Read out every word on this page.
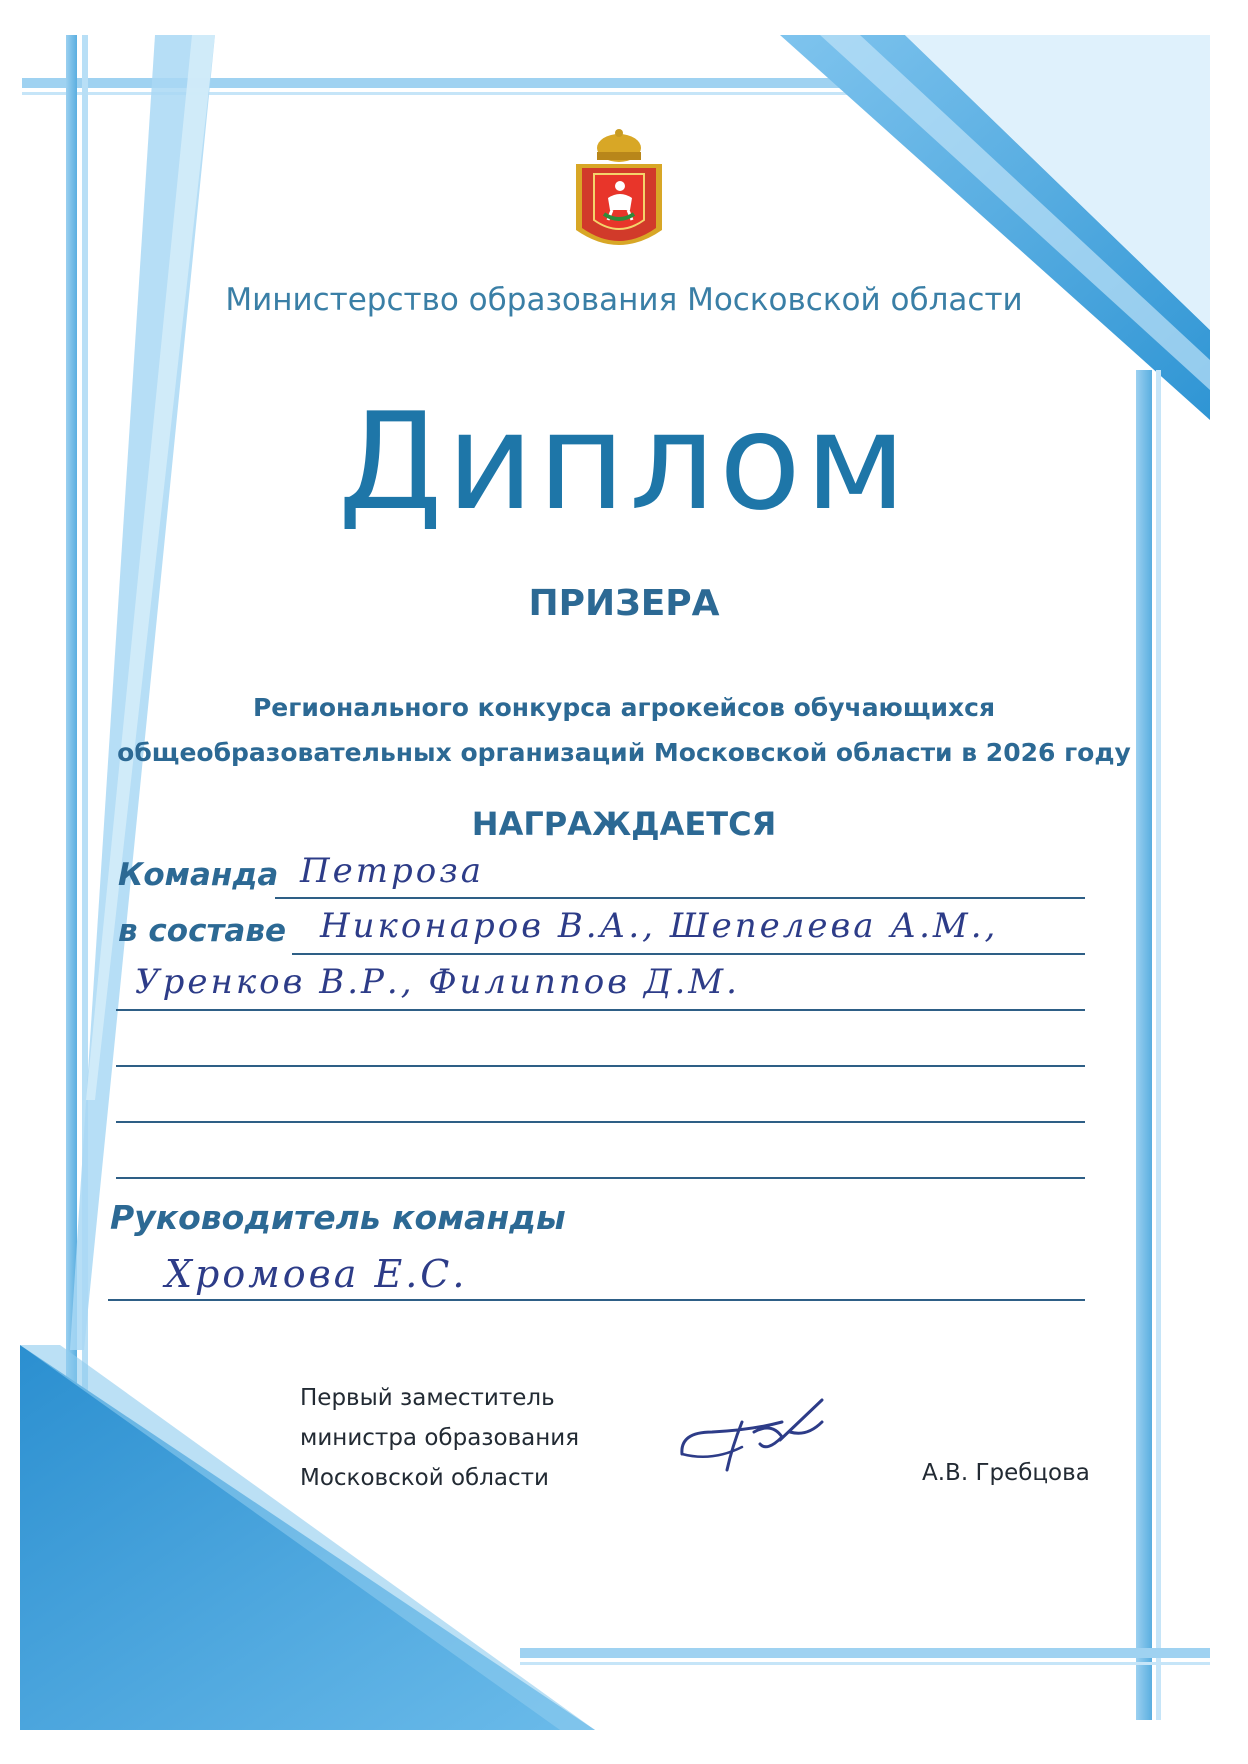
Министерство образования Московской области
Диплом
ПРИЗЕРА
Регионального конкурса агрокейсов обучающихся
общеобразовательных организаций Московской области в 2026 году
НАГРАЖДАЕТСЯ
Команда Петроза
в составе Никонаров В.А., Шепелева А.М.,
Уренков В.Р., Филиппов Д.М.
Руководитель команды
Хромова Е.С.
Первый заместитель
министра образования
Московской области	А.В. Гребцова
